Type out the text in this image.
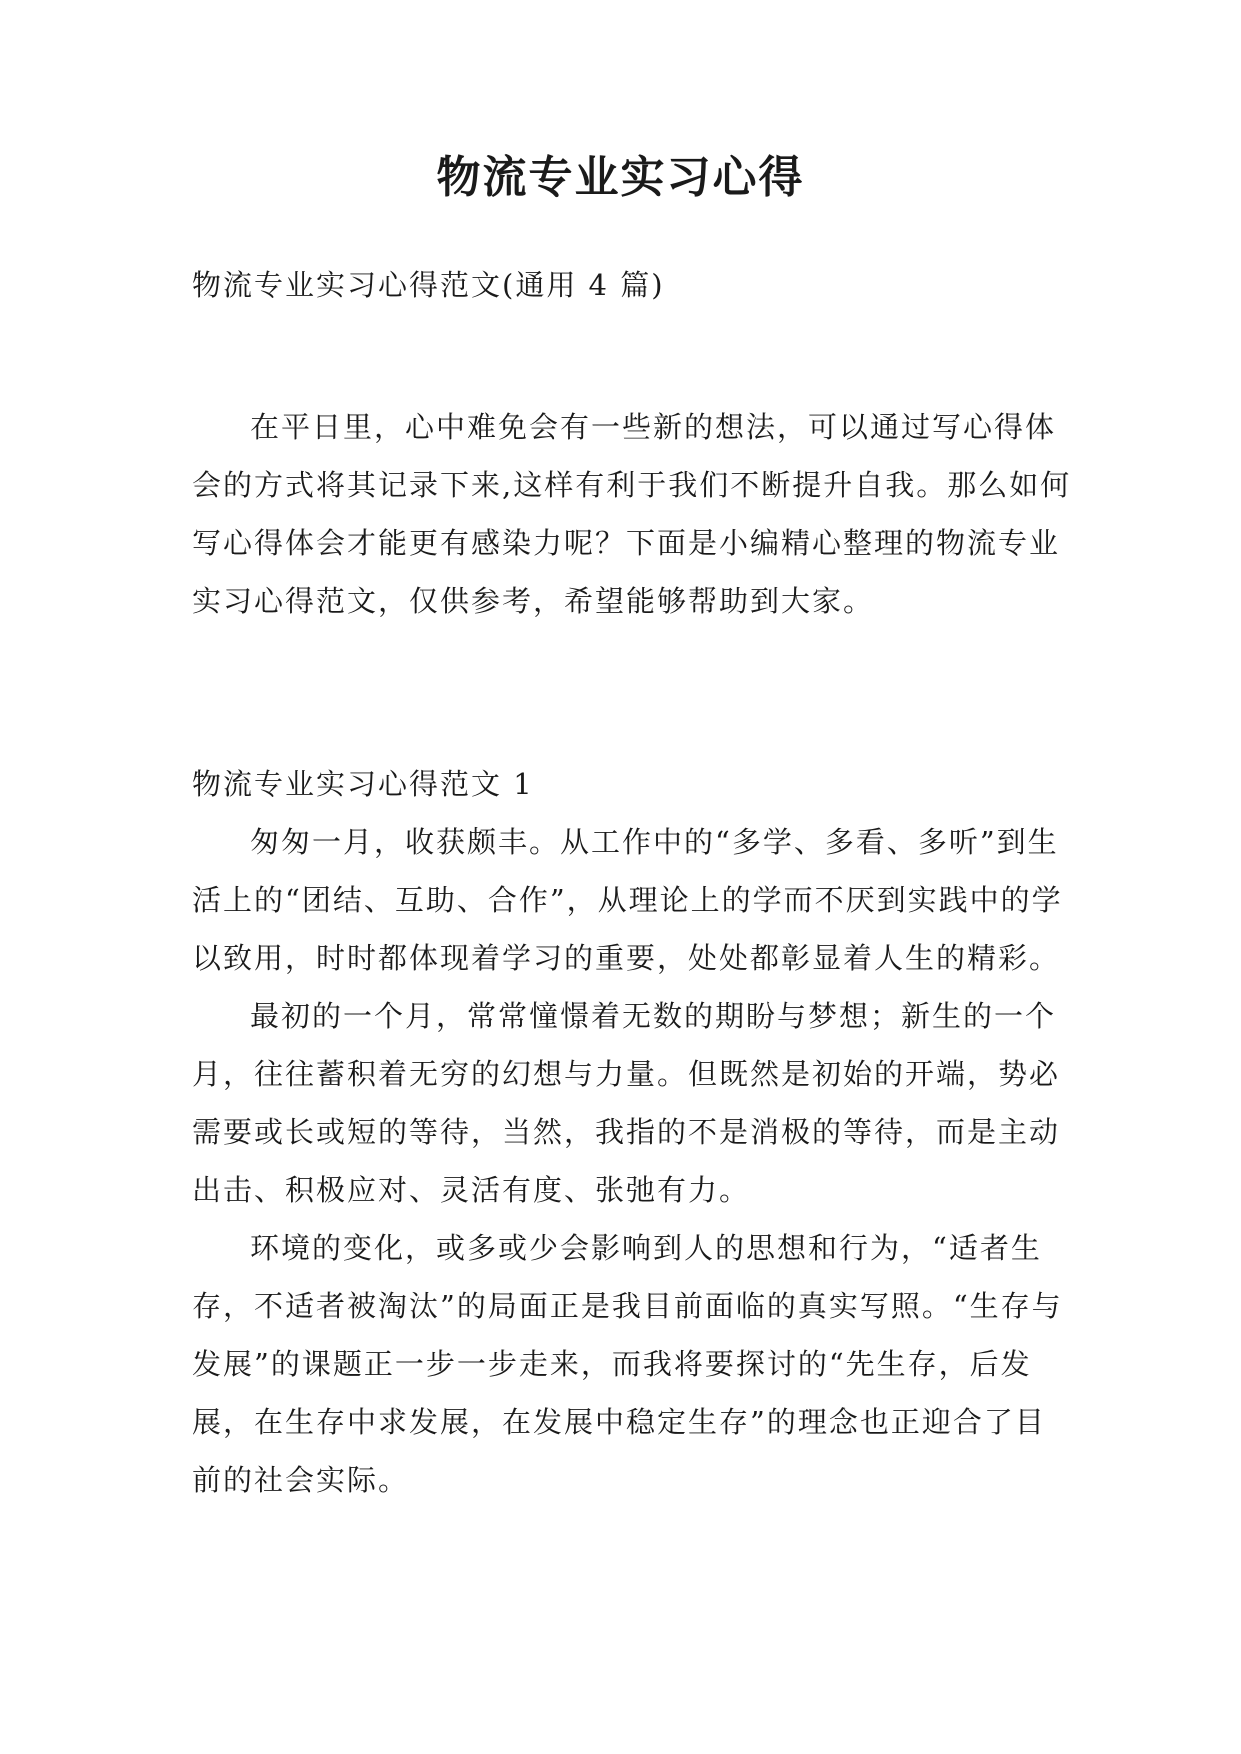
物流专业实习心得

物流专业实习心得范文(通用 4 篇)

在平日里，心中难免会有一些新的想法，可以通过写心得体会的方式将其记录下来,这样有利于我们不断提升自我。那么如何写心得体会才能更有感染力呢？下面是小编精心整理的物流专业实习心得范文，仅供参考，希望能够帮助到大家。

物流专业实习心得范文 1

匆匆一月，收获颇丰。从工作中的“多学、多看、多听”到生活上的“团结、互助、合作”，从理论上的学而不厌到实践中的学以致用，时时都体现着学习的重要，处处都彰显着人生的精彩。

最初的一个月，常常憧憬着无数的期盼与梦想；新生的一个月，往往蓄积着无穷的幻想与力量。但既然是初始的开端，势必需要或长或短的等待，当然，我指的不是消极的等待，而是主动出击、积极应对、灵活有度、张弛有力。

环境的变化，或多或少会影响到人的思想和行为，“适者生存，不适者被淘汰”的局面正是我目前面临的真实写照。“生存与发展”的课题正一步一步走来，而我将要探讨的“先生存，后发展，在生存中求发展，在发展中稳定生存”的理念也正迎合了目前的社会实际。
